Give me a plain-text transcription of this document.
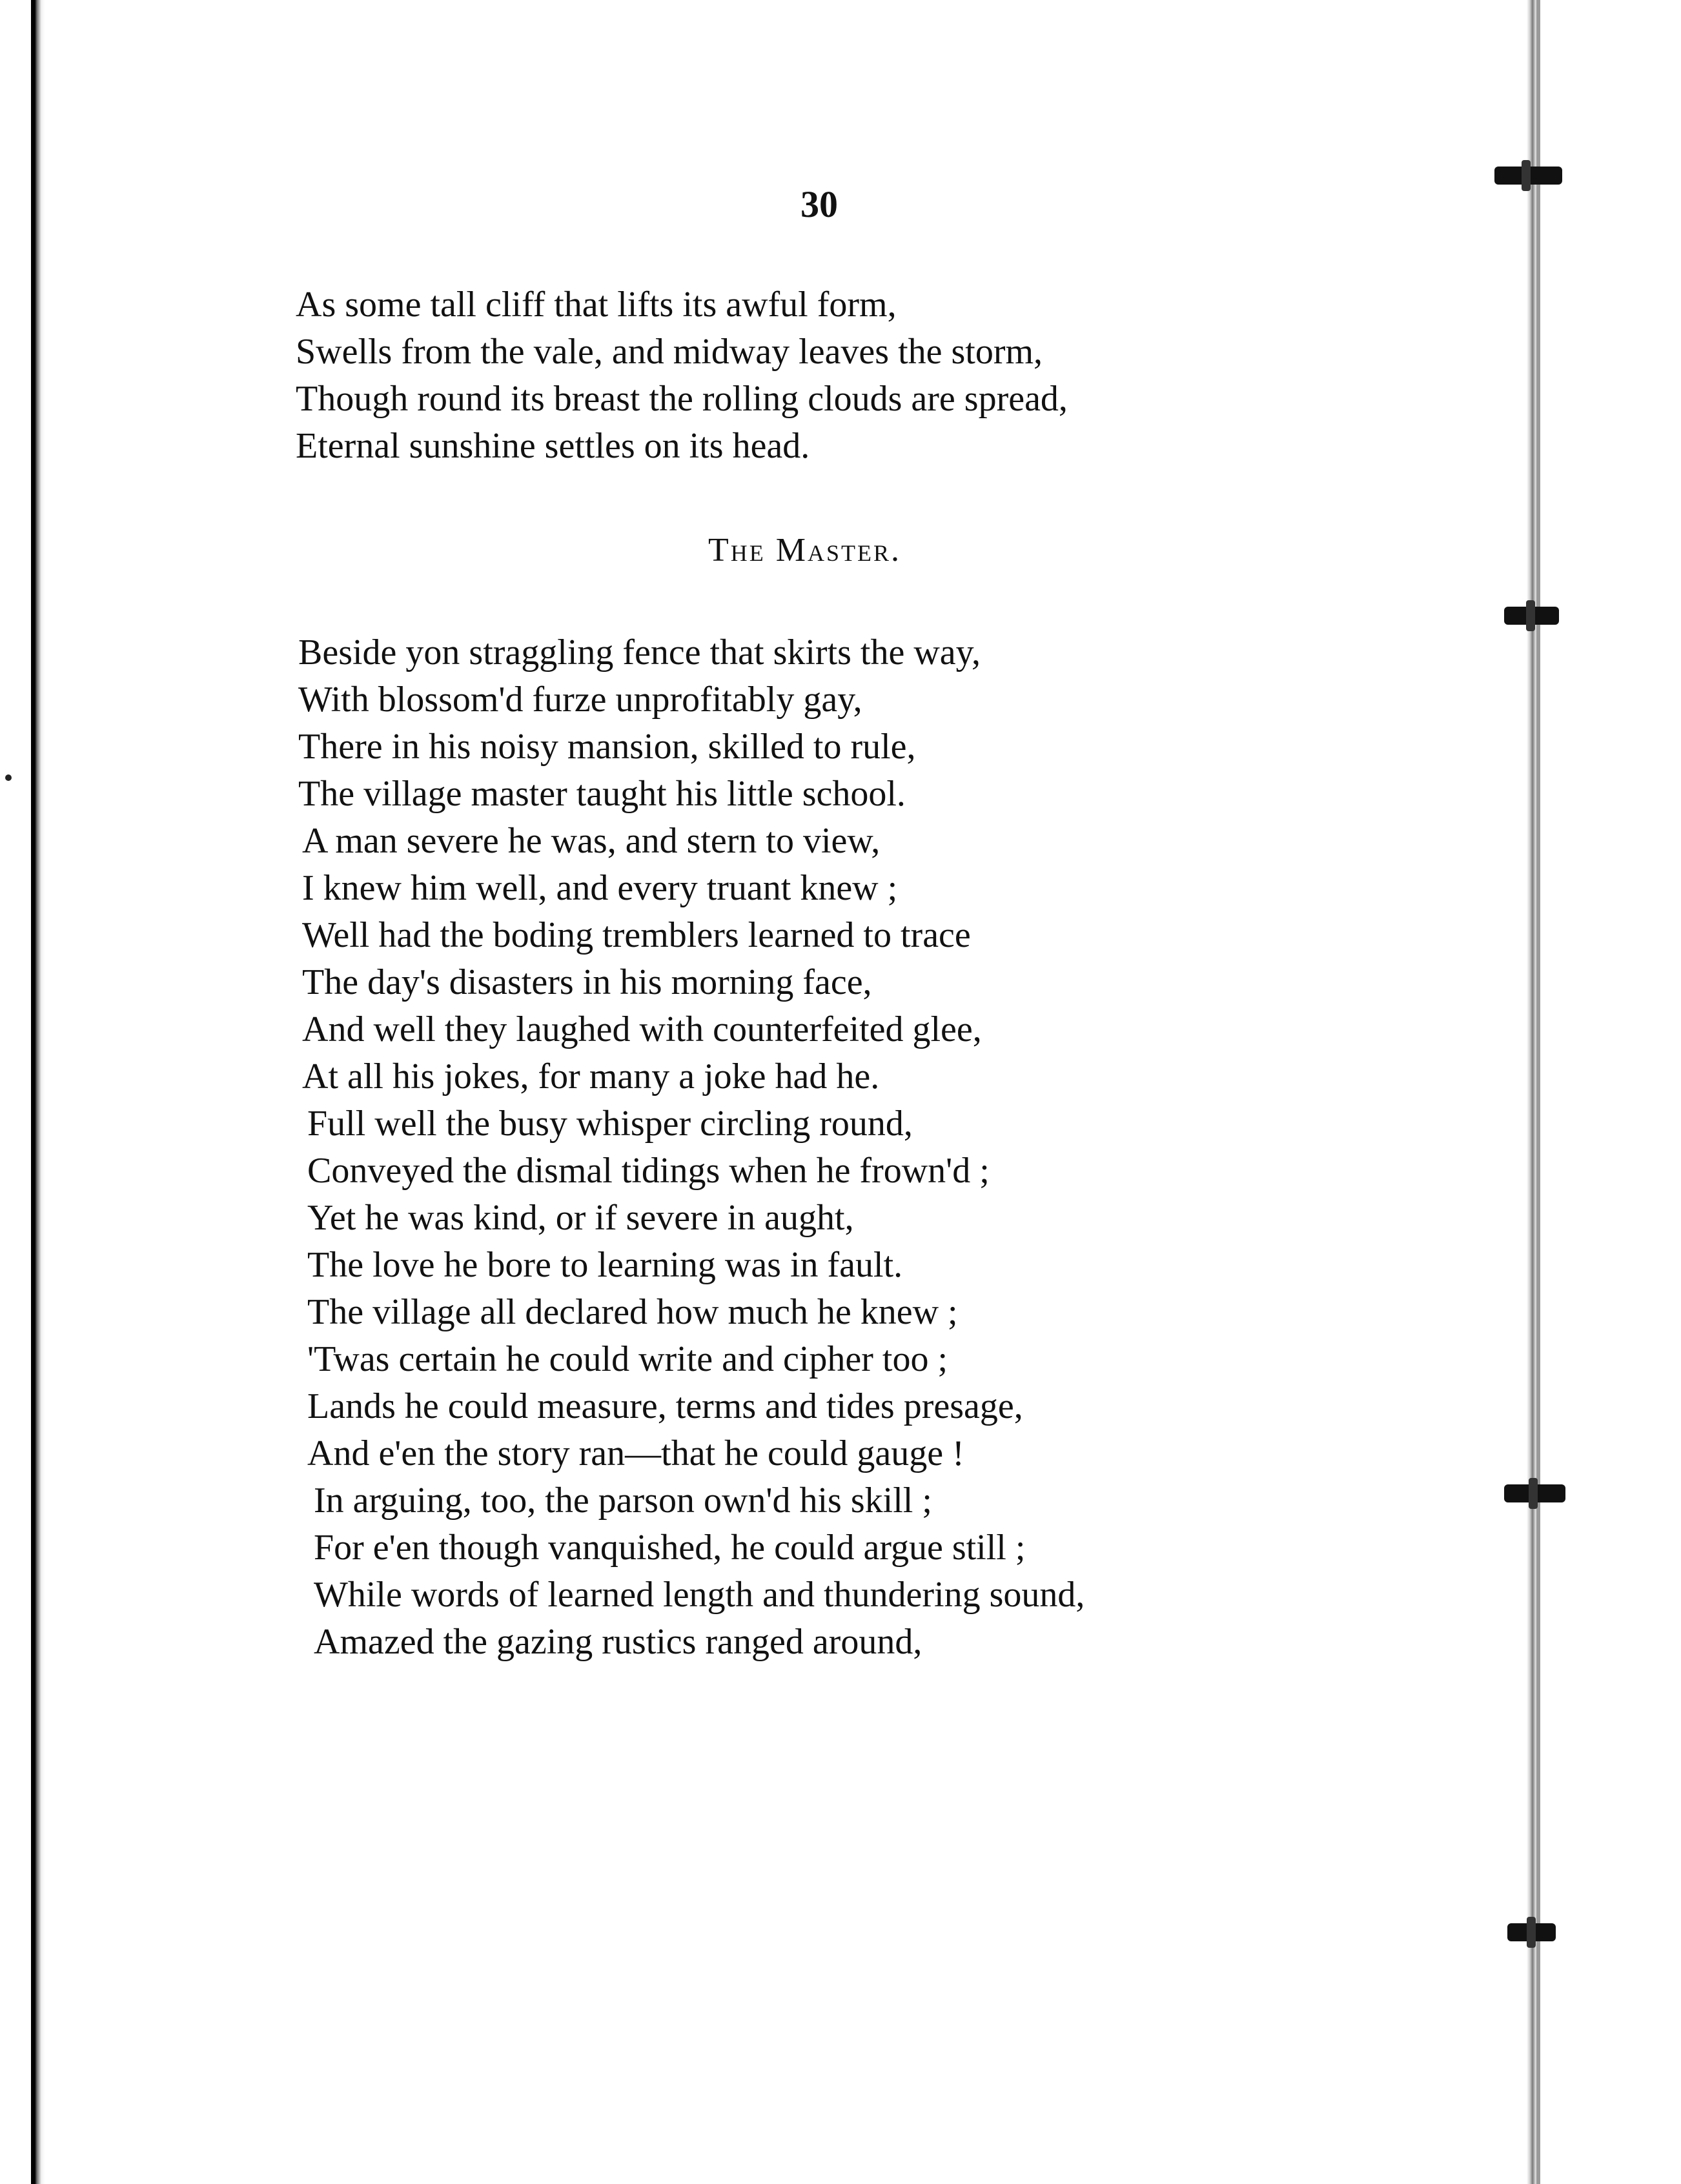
30
As some tall cliff that lifts its awful form,
Swells from the vale, and midway leaves the storm,
Though round its breast the rolling clouds are spread,
Eternal sunshine settles on its head.
The Master.
Beside yon straggling fence that skirts the way,
With blossom'd furze unprofitably gay,
There in his noisy mansion, skilled to rule,
The village master taught his little school.
A man severe he was, and stern to view,
I knew him well, and every truant knew ;
Well had the boding tremblers learned to trace
The day's disasters in his morning face,
And well they laughed with counterfeited glee,
At all his jokes, for many a joke had he.
Full well the busy whisper circling round,
Conveyed the dismal tidings when he frown'd ;
Yet he was kind, or if severe in aught,
The love he bore to learning was in fault.
The village all declared how much he knew ;
'Twas certain he could write and cipher too ;
Lands he could measure, terms and tides presage,
And e'en the story ran—that he could gauge !
In arguing, too, the parson own'd his skill ;
For e'en though vanquished, he could argue still ;
While words of learned length and thundering sound,
Amazed the gazing rustics ranged around,
